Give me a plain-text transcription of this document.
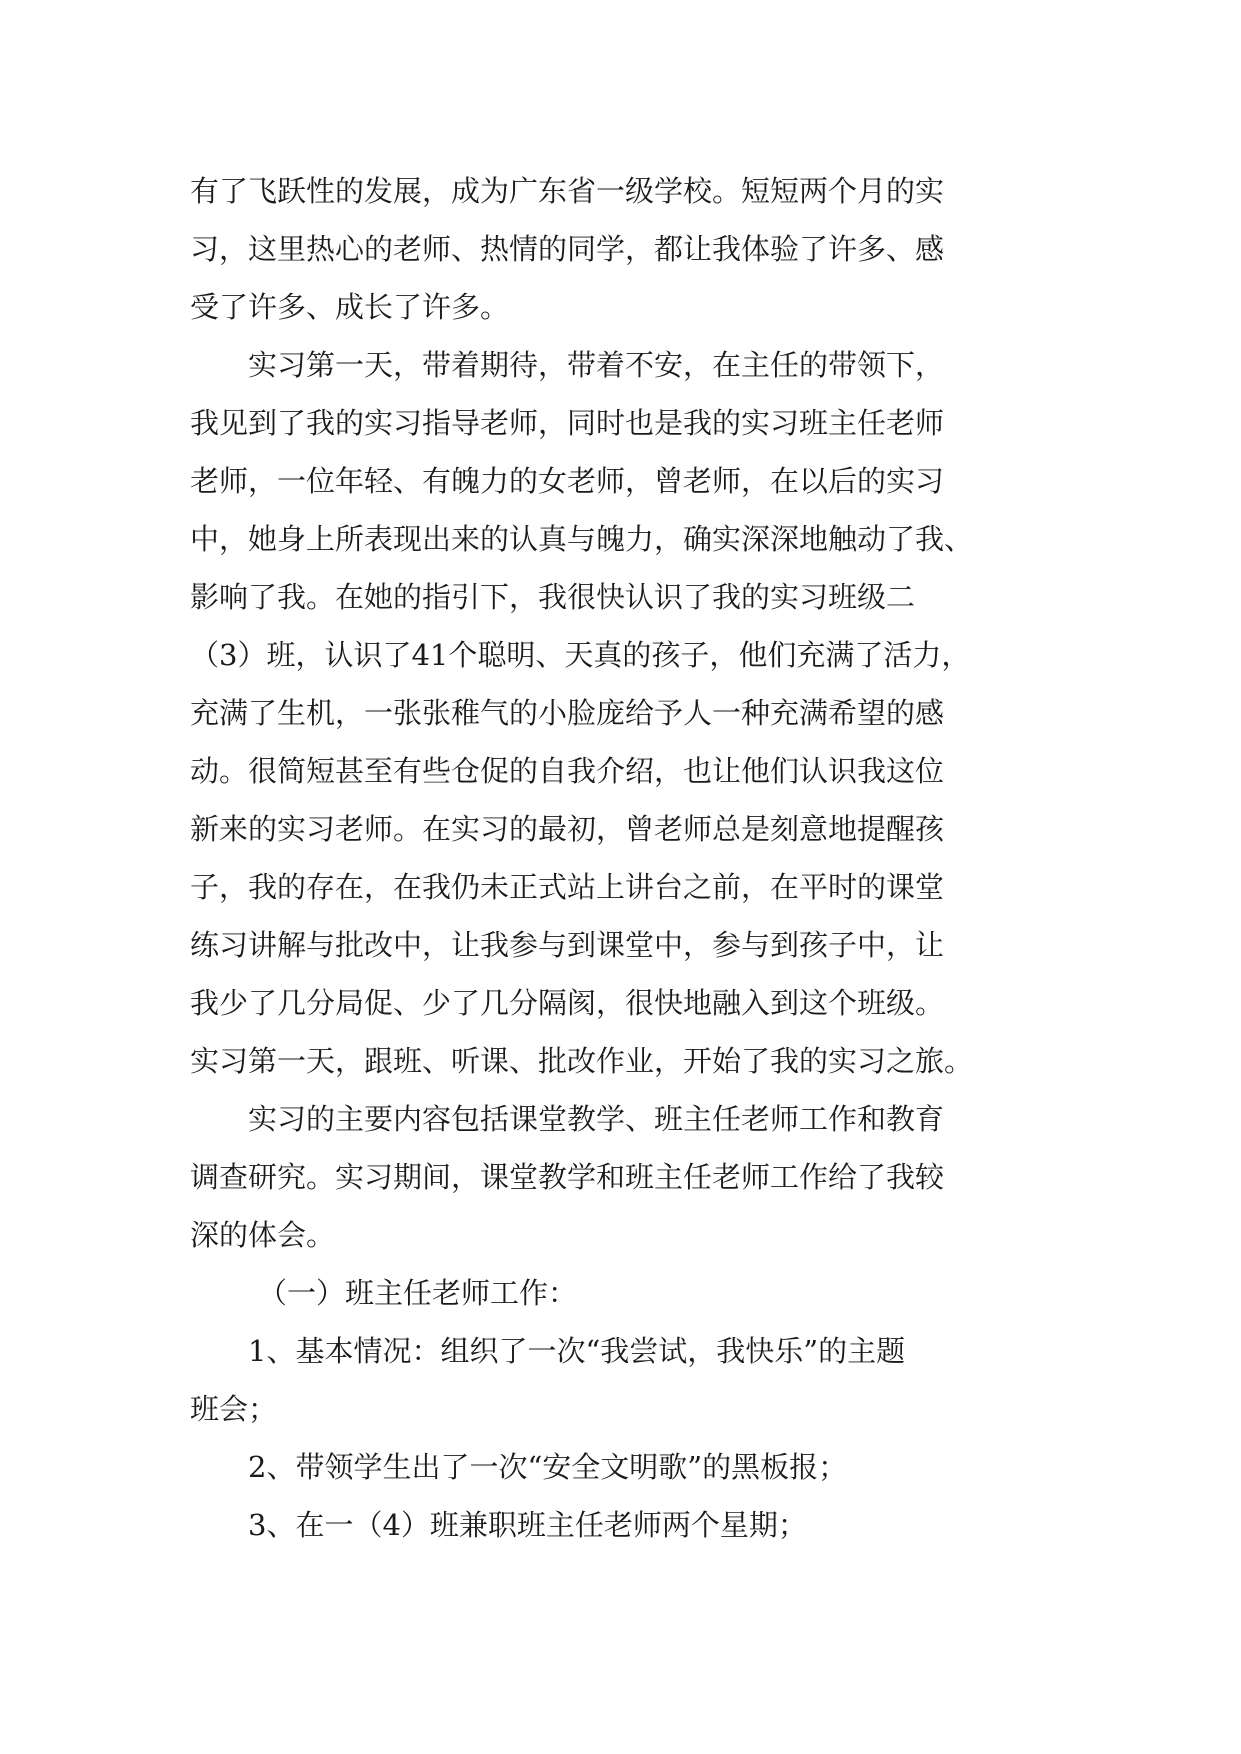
有了飞跃性的发展，成为广东省一级学校。短短两个月的实
习，这里热心的老师、热情的同学，都让我体验了许多、感
受了许多、成长了许多。
实习第一天，带着期待，带着不安，在主任的带领下，
我见到了我的实习指导老师，同时也是我的实习班主任老师
老师，一位年轻、有魄力的女老师，曾老师，在以后的实习
中，她身上所表现出来的认真与魄力，确实深深地触动了我、
影响了我。在她的指引下，我很快认识了我的实习班级二
（3）班，认识了41个聪明、天真的孩子，他们充满了活力，
充满了生机，一张张稚气的小脸庞给予人一种充满希望的感
动。很简短甚至有些仓促的自我介绍，也让他们认识我这位
新来的实习老师。在实习的最初，曾老师总是刻意地提醒孩
子，我的存在，在我仍未正式站上讲台之前，在平时的课堂
练习讲解与批改中，让我参与到课堂中，参与到孩子中，让
我少了几分局促、少了几分隔阂，很快地融入到这个班级。
实习第一天，跟班、听课、批改作业，开始了我的实习之旅。
实习的主要内容包括课堂教学、班主任老师工作和教育
调查研究。实习期间，课堂教学和班主任老师工作给了我较
深的体会。
（一）班主任老师工作：
1、基本情况：组织了一次“我尝试，我快乐”的主题
班会；
2、带领学生出了一次“安全文明歌”的黑板报；
3、在一（4）班兼职班主任老师两个星期；
